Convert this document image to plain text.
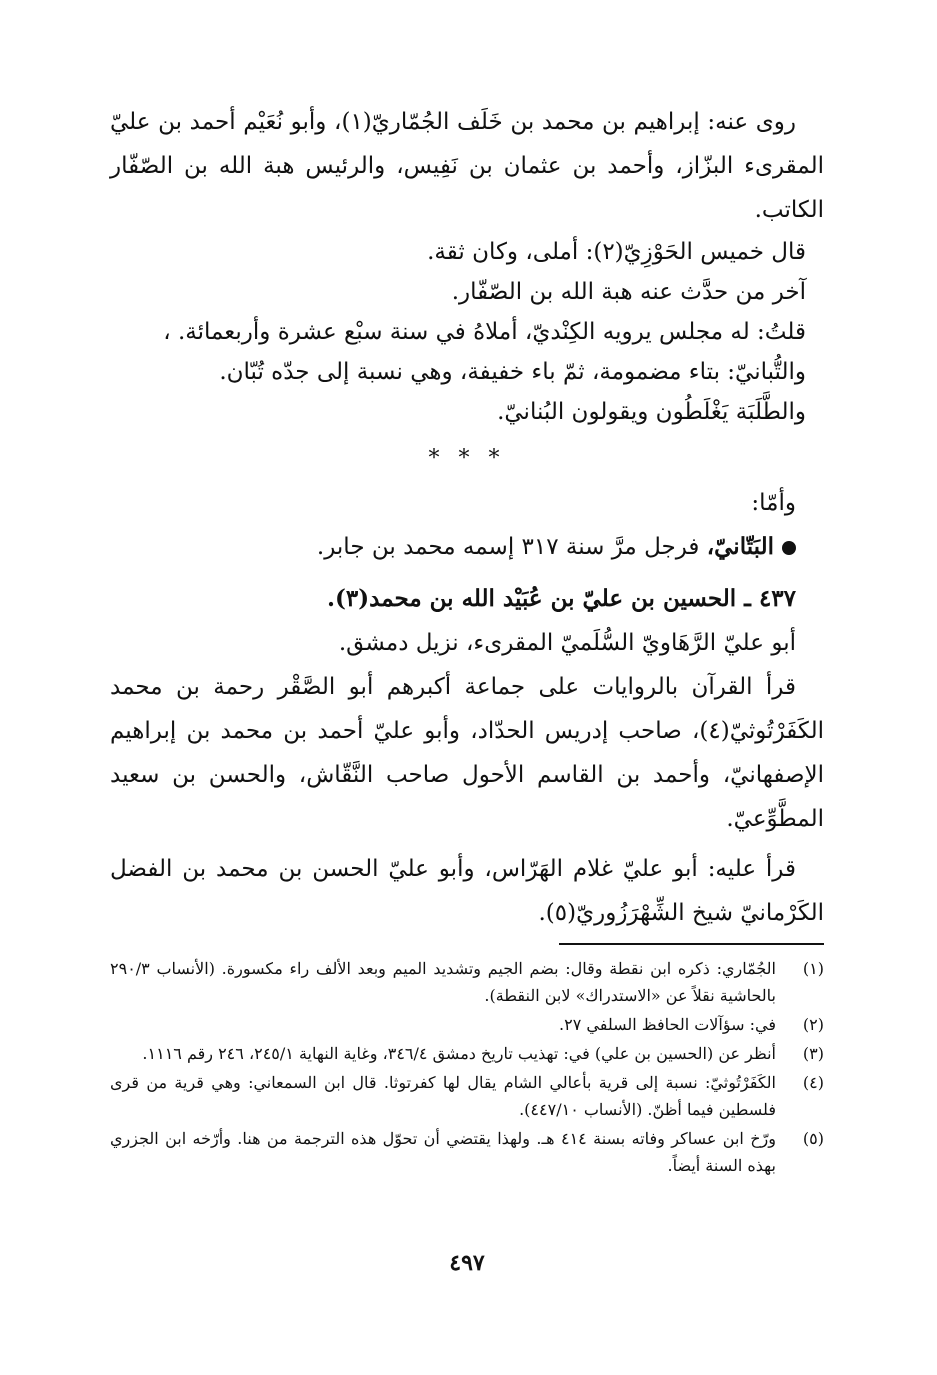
روى عنه: إبراهيم بن محمد بن خَلَف الجُمّاريّ(١)، وأبو نُعَيْم أحمد بن عليّ المقرىء البزّاز، وأحمد بن عثمان بن نَفِيس، والرئيس هبة الله بن الصّفّار الكاتب.

قال خميس الحَوْزِيّ(٢): أملى، وكان ثقة.

آخر من حدَّث عنه هبة الله بن الصّفّار.

قلتُ: له مجلس يرويه الكِنْديّ، أملاهُ في سنة سبْع عشرة وأربعمائة. ،

والتُّبانيّ: بتاء مضمومة، ثمّ باء خفيفة، وهي نسبة إلى جدّه تُبّان.

والطَّلَبَة يَغْلَطُون ويقولون البُنانيّ.

* * *

وأمّا:

البَتّانيّ، فرجل مرَّ سنة ٣١٧ إسمه محمد بن جابر.

٤٣٧ ـ الحسين بن عليّ بن عُبَيْد الله بن محمد(٣).

أبو عليّ الرَّهَاويّ السُّلَميّ المقرىء، نزيل دمشق.

قرأ القرآن بالروايات على جماعة أكبرهم أبو الصَّقْر رحمة بن محمد الكَفَرْتُوثيّ(٤)، صاحب إدريس الحدّاد، وأبو عليّ أحمد بن محمد بن إبراهيم الإصفهانيّ، وأحمد بن القاسم الأحول صاحب النَّقّاش، والحسن بن سعيد المطَّوِّعيّ.

قرأ عليه: أبو عليّ غلام الهَرّاس، وأبو عليّ الحسن بن محمد بن الفضل الكَرْمانيّ شيخ الشِّهْرَزُوريّ(٥).

(١)
الجُمّاري: ذكره ابن نقطة وقال: بضم الجيم وتشديد الميم وبعد الألف راء مكسورة. (الأنساب ٢٩٠/٣ بالحاشية نقلاً عن «الاستدراك» لابن النقطة).
(٢)
في: سؤآلات الحافظ السلفي ٢٧.
(٣)
أنظر عن (الحسين بن علي) في: تهذيب تاريخ دمشق ٣٤٦/٤، وغاية النهاية ٢٤٥/١، ٢٤٦ رقم ١١١٦.
(٤)
الكَفَرْتُوثيّ: نسبة إلى قرية بأعالي الشام يقال لها كفرتوثا. قال ابن السمعاني: وهي قرية من قرى فلسطين فيما أظنّ. (الأنساب ٤٤٧/١٠).
(٥)
ورّخ ابن عساكر وفاته بسنة ٤١٤ هـ. ولهذا يقتضي أن تحوّل هذه الترجمة من هنا. وأرّخه ابن الجزري بهذه السنة أيضاً.
٤٩٧
